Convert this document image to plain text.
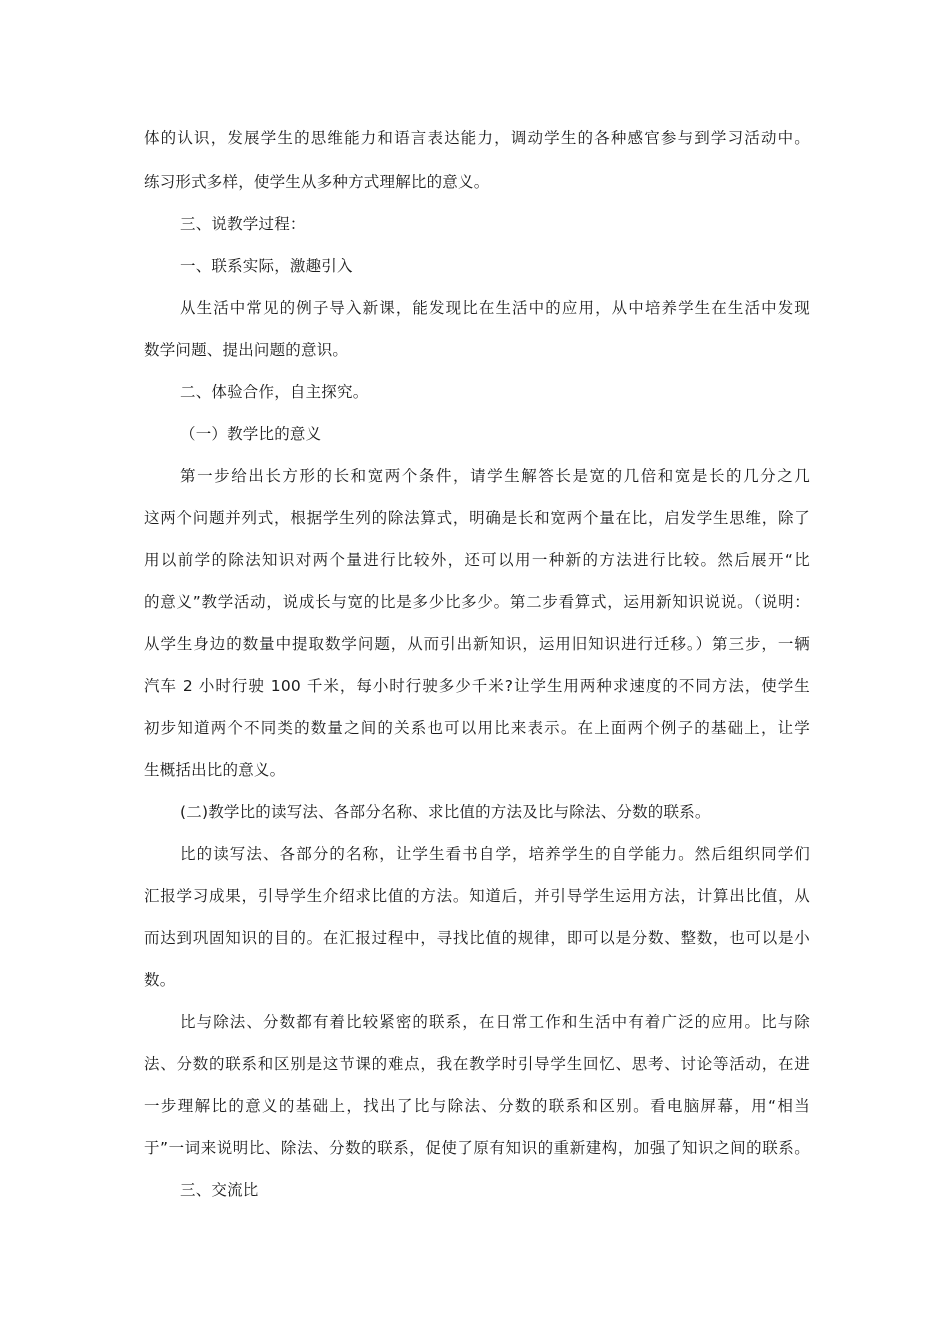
体的认识，发展学生的思维能力和语言表达能力，调动学生的各种感官参与到学习活动中。
练习形式多样，使学生从多种方式理解比的意义。
三、说教学过程：
一、联系实际，激趣引入
从生活中常见的例子导入新课，能发现比在生活中的应用，从中培养学生在生活中发现
数学问题、提出问题的意识。
二、体验合作，自主探究。
（一）教学比的意义
第一步给出长方形的长和宽两个条件，请学生解答长是宽的几倍和宽是长的几分之几
这两个问题并列式，根据学生列的除法算式，明确是长和宽两个量在比，启发学生思维，除了
用以前学的除法知识对两个量进行比较外，还可以用一种新的方法进行比较。然后展开“比
的意义”教学活动，说成长与宽的比是多少比多少。第二步看算式，运用新知识说说。（说明：
从学生身边的数量中提取数学问题，从而引出新知识，运用旧知识进行迁移。）第三步，一辆
汽车 2 小时行驶 100 千米，每小时行驶多少千米?让学生用两种求速度的不同方法，使学生
初步知道两个不同类的数量之间的关系也可以用比来表示。在上面两个例子的基础上，让学
生概括出比的意义。
(二)教学比的读写法、各部分名称、求比值的方法及比与除法、分数的联系。
比的读写法、各部分的名称，让学生看书自学，培养学生的自学能力。然后组织同学们
汇报学习成果，引导学生介绍求比值的方法。知道后，并引导学生运用方法，计算出比值，从
而达到巩固知识的目的。在汇报过程中，寻找比值的规律，即可以是分数、整数，也可以是小
数。
比与除法、分数都有着比较紧密的联系，在日常工作和生活中有着广泛的应用。比与除
法、分数的联系和区别是这节课的难点，我在教学时引导学生回忆、思考、讨论等活动，在进
一步理解比的意义的基础上，找出了比与除法、分数的联系和区别。看电脑屏幕，用“相当
于”一词来说明比、除法、分数的联系，促使了原有知识的重新建构，加强了知识之间的联系。
三、交流比
